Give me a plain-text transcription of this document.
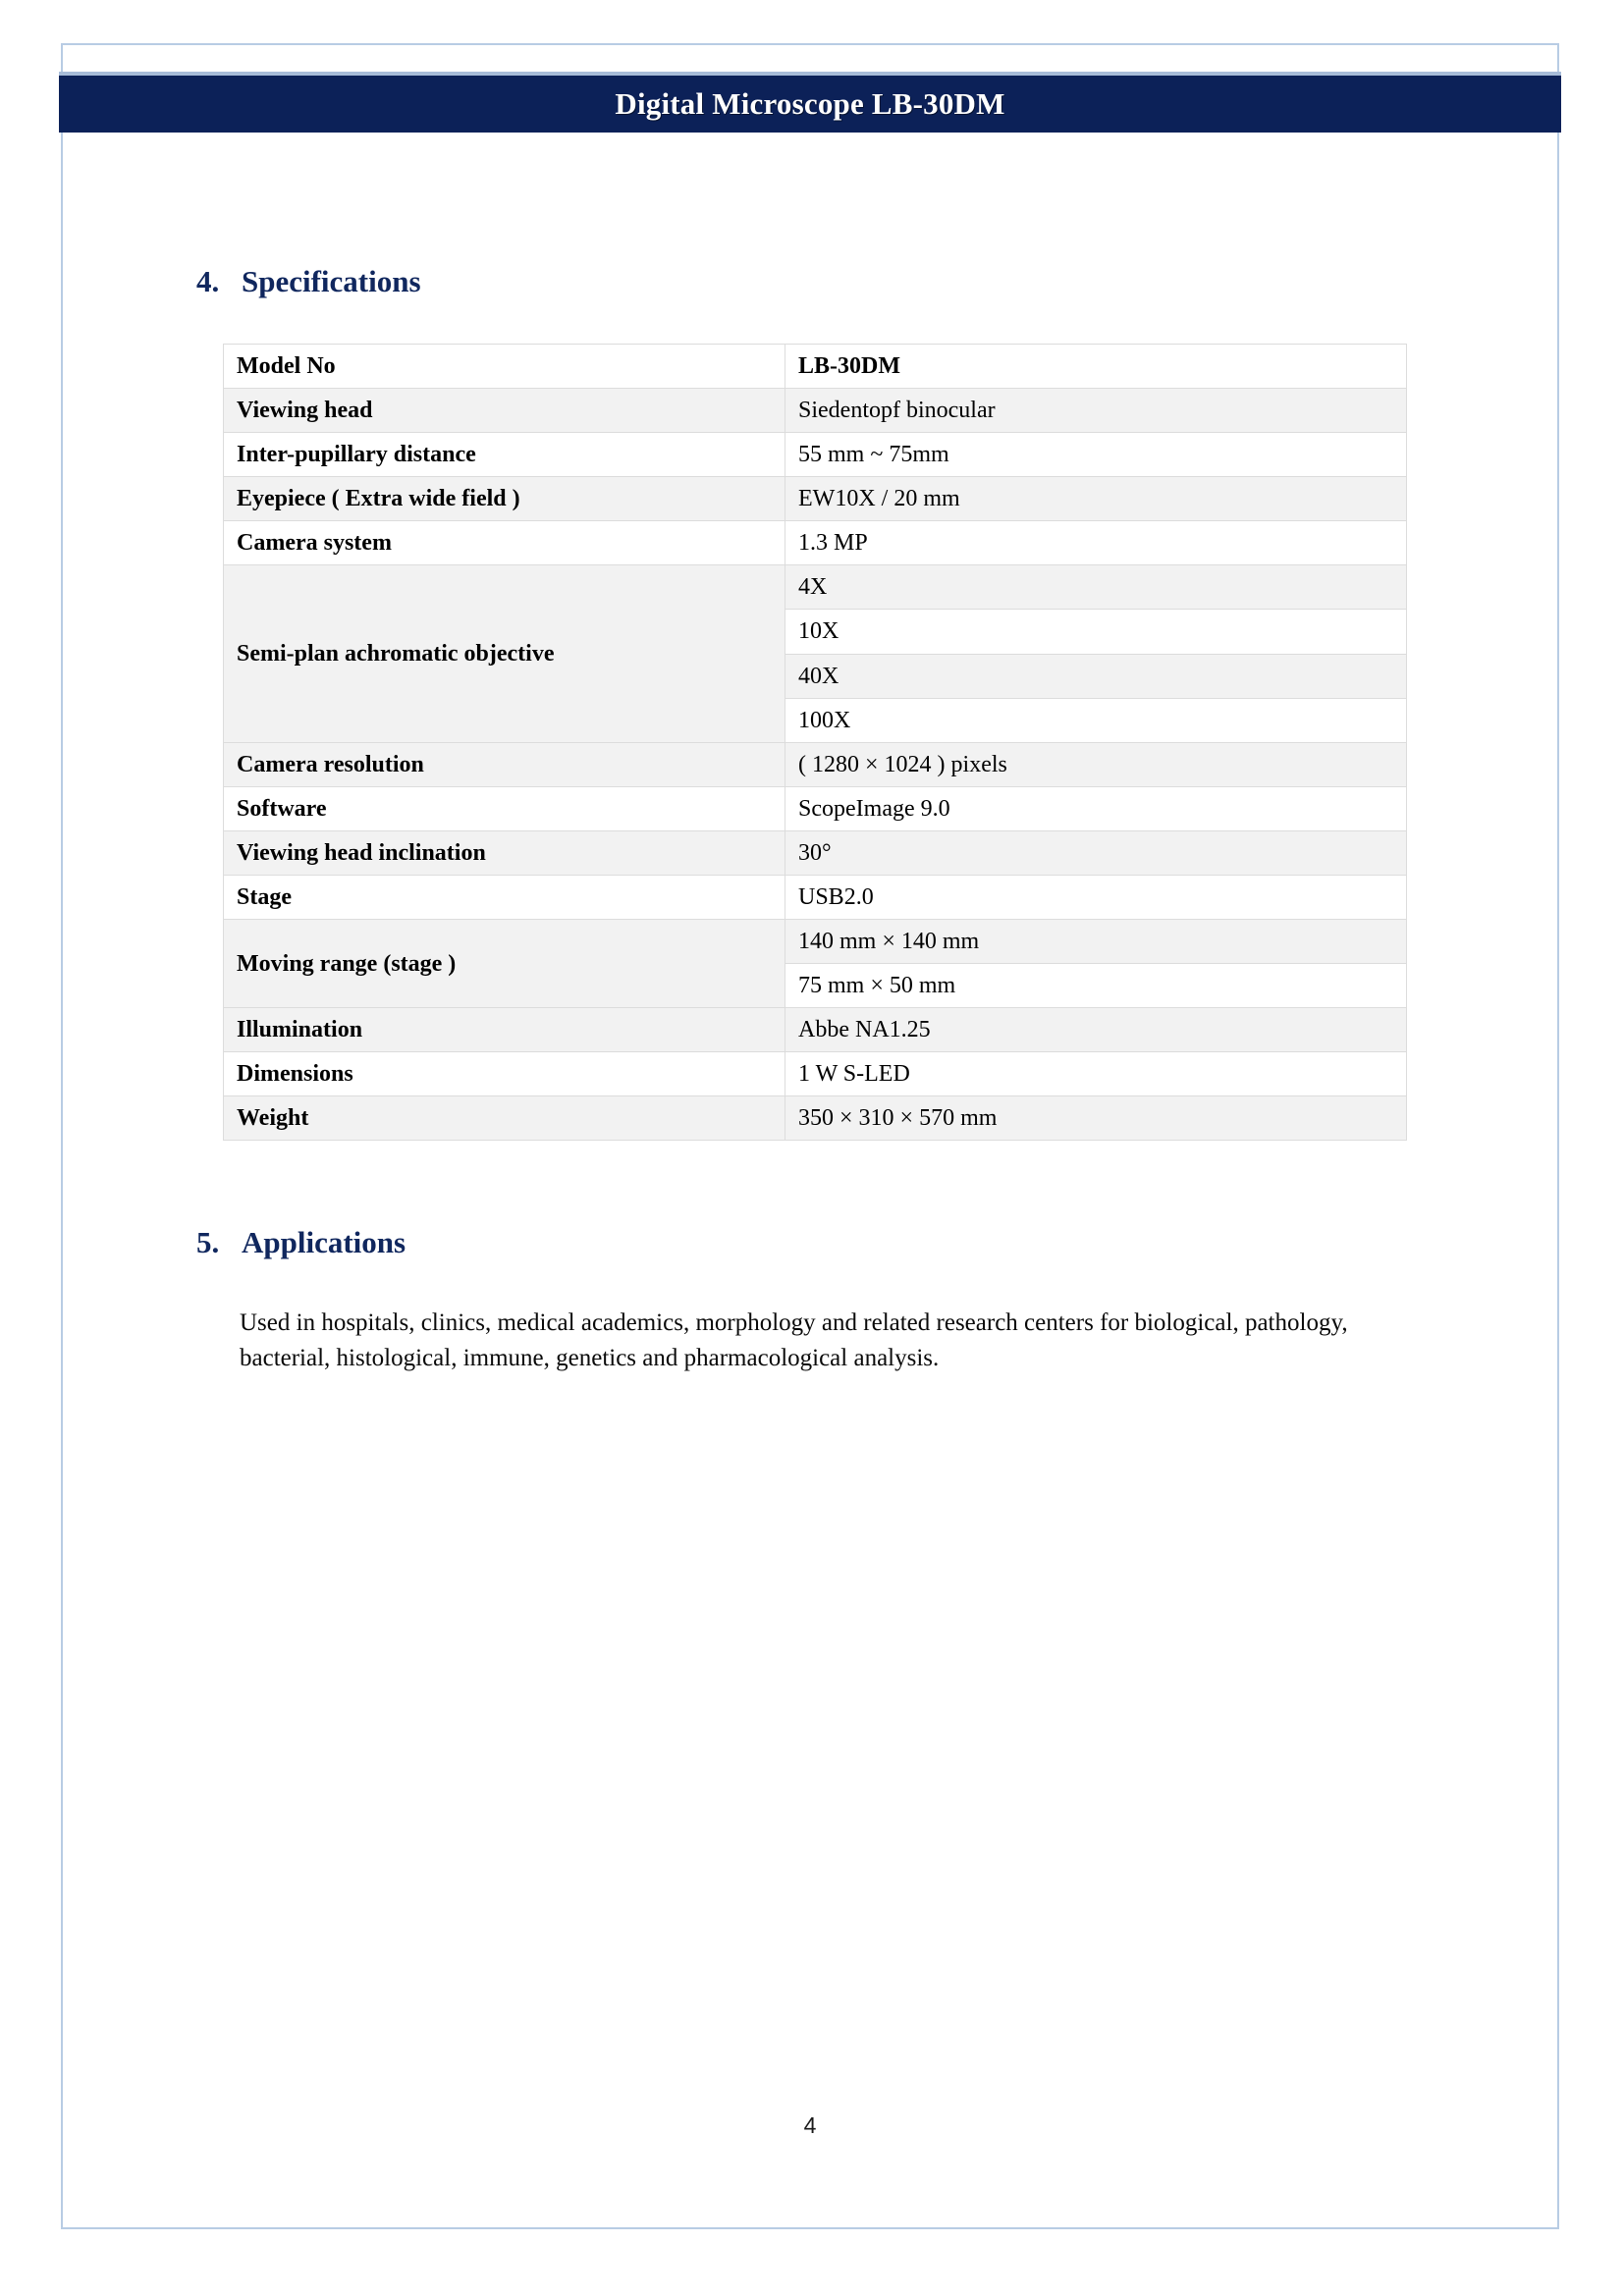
4. Specifications
Model No	LB-30DM
Viewing head	Siedentopf binocular
Inter-pupillary distance	55 mm ~ 75mm
Eyepiece ( Extra wide field )	EW10X / 20 mm
Camera system	1.3 MP
Semi-plan achromatic objective	4X
	10X
	40X
	100X
Camera resolution	( 1280 × 1024 ) pixels
Software	ScopeImage 9.0
Viewing head inclination	30°
Stage	USB2.0
Moving range (stage )	140 mm × 140 mm
	75 mm × 50 mm
Illumination	Abbe NA1.25
Dimensions	1 W S-LED
Weight	350 × 310 × 570 mm
5. Applications

Used in hospitals, clinics, medical academics, morphology and related research centers for biological, pathology, bacterial, histological, immune, genetics and pharmacological analysis.

4
Digital Microscope LB-30DM
